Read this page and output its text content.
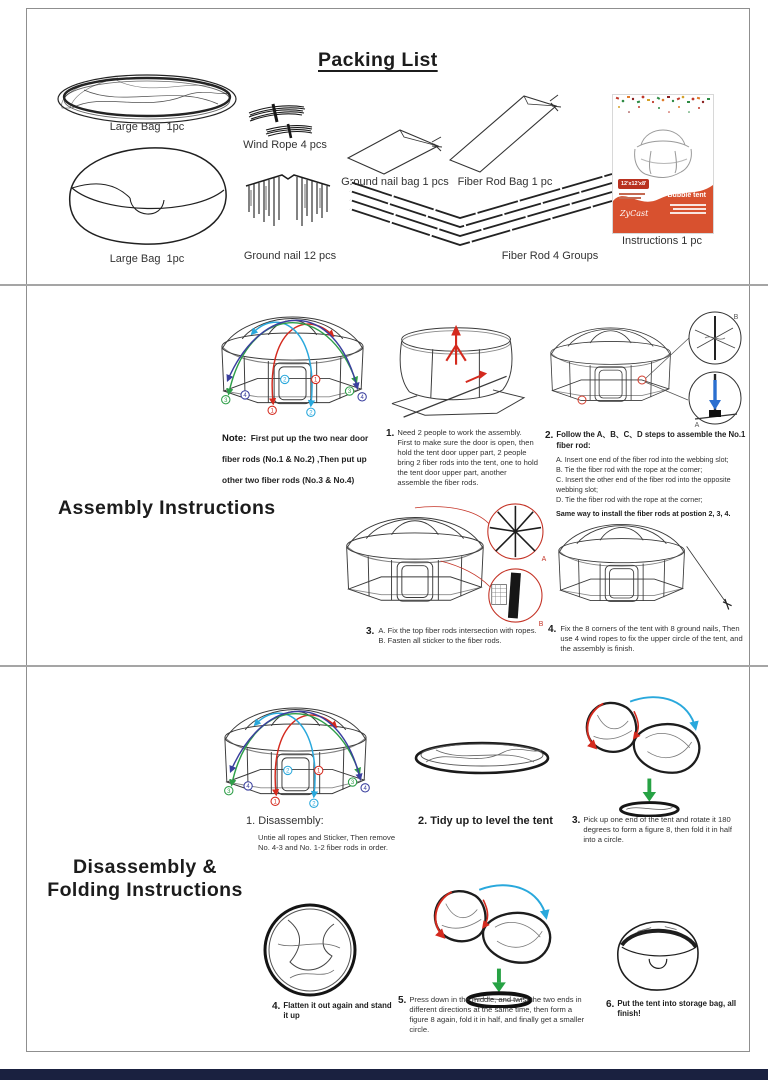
Packing List
Large Bag  1pc
Wind Rope 4 pcs
Ground nail bag 1 pcs Fiber Rod Bag 1 pc
Large Bag  1pc	Ground nail 12 pcs	Fiber Rod 4 Groups
12'x12'x8'
Bubble tent
ZyCast
Instructions 1 pc
Assembly Instructions
3
4
1	2
2	1
3
4
Note: First put up the two near door fiber rods (No.1 & No.2) ,Then put up other two fiber rods (No.3 & No.4)
1. Need 2 people to work the assembly. First to make sure the door is open, then hold the tent door upper part, 2 people bring 2 fiber rods into the tent, one to hold the tent door upper part, another assemble the fiber rods.
B
A
2. Follow the A、B、C、D steps to assemble the No.1 fiber rod:
A. Insert one end of the fiber rod into the webbing slot;
B. Tie the fiber rod with the rope at the corner;
C. Insert the other end of the fiber rod into the opposite webbing slot;
D. Tie the fiber rod with the rope at the corner;
Same way to install the fiber rods at postion 2, 3, 4.
A
B
3. A. Fix the top fiber rods intersection with ropes.
B. Fasten all sticker to the fiber rods.
4. Fix the 8 corners of the tent with 8 ground nails, Then use 4 wind ropes to fix the upper circle of the tent, and the assembly is finish.
3
4
1	2
2	1
3
4
1. Disassembly:
Untie all ropes and Sticker, Then remove No. 4-3 and No. 1-2 fiber rods in order.
2. Tidy up to level the tent 3. Pick up one end of the tent and rotate it 180 degrees to form a figure 8, then fold it in half into a circle.
Disassembly &
Folding Instructions
4. Flatten it out again and stand it up
5. Press down in the middle, and twist the two ends in different directions at the same time, then form a figure 8 again, fold it in half, and finally get a smaller circle.
6. Put the tent into storage bag, all finish!
